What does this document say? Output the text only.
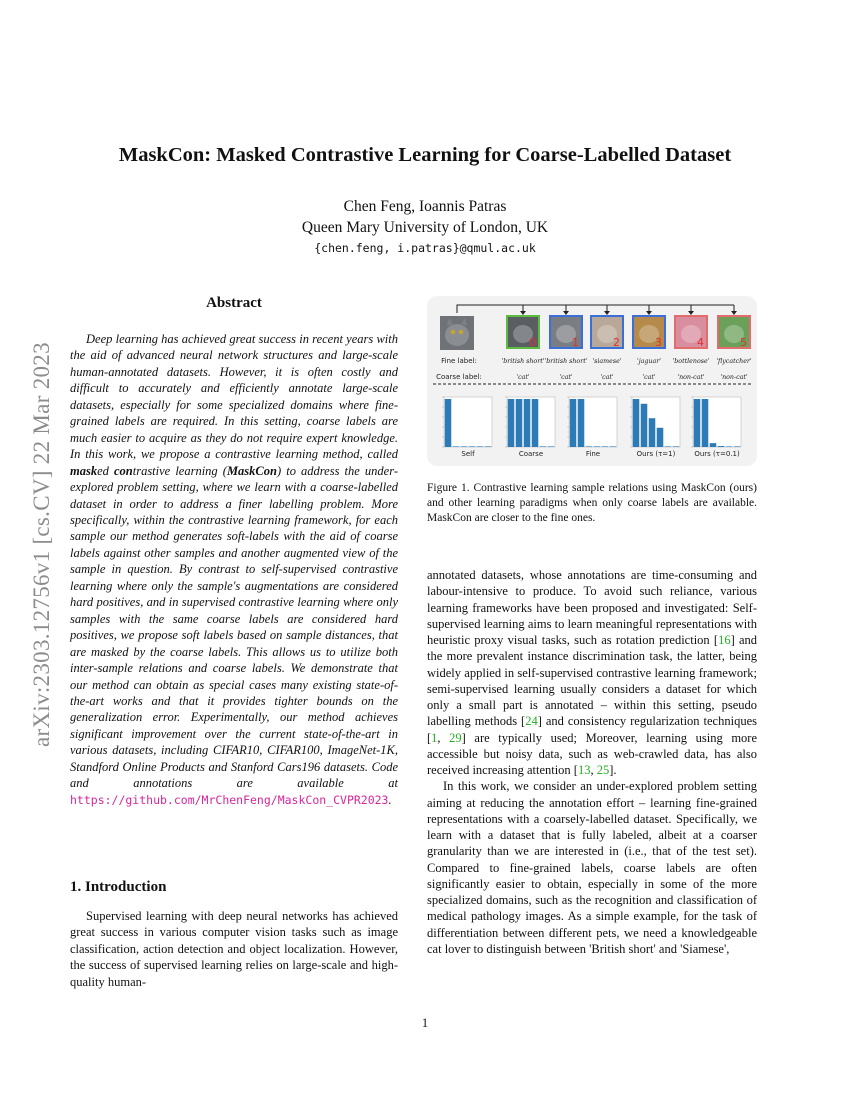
arXiv:2303.12756v1 [cs.CV] 22 Mar 2023
MaskCon: Masked Contrastive Learning for Coarse-Labelled Dataset
Chen Feng, Ioannis Patras
Queen Mary University of London, UK
{chen.feng, i.patras}@qmul.ac.uk
Abstract
Deep learning has achieved great success in recent years with the aid of advanced neural network structures and large-scale human-annotated datasets. However, it is often costly and difficult to accurately and efficiently annotate large-scale datasets, especially for some specialized domains where fine-grained labels are required. In this setting, coarse labels are much easier to acquire as they do not require expert knowledge. In this work, we propose a contrastive learning method, called masked contrastive learning (MaskCon) to address the under-explored problem setting, where we learn with a coarse-labelled dataset in order to address a finer labelling problem. More specifically, within the contrastive learning framework, for each sample our method generates soft-labels with the aid of coarse labels against other samples and another augmented view of the sample in question. By contrast to self-supervised contrastive learning where only the sample's augmentations are considered hard positives, and in supervised contrastive learning where only samples with the same coarse labels are considered hard positives, we propose soft labels based on sample distances, that are masked by the coarse labels. This allows us to utilize both inter-sample relations and coarse labels. We demonstrate that our method can obtain as special cases many existing state-of-the-art works and that it provides tighter bounds on the generalization error. Experimentally, our method achieves significant improvement over the current state-of-the-art in various datasets, including CIFAR10, CIFAR100, ImageNet-1K, Standford Online Products and Stanford Cars196 datasets. Code and annotations are available at https://github.com/MrChenFeng/MaskCon_CVPR2023.
1. Introduction
Supervised learning with deep neural networks has achieved great success in various computer vision tasks such as image classification, action detection and object localization. However, the success of supervised learning relies on large-scale and high-quality human-
0	1	2	3	4	5
Fine label:
Coarse label:
'british short'
'cat'
'british short'
'cat'
'siamese'
'cat'
'jaguar'
'cat'
'bottlenose'
'non-cat'
'flycatcher'
'non-cat'
Self	Coarse	Fine	Ours (τ=1)	Ours (τ=0.1)
Figure 1. Contrastive learning sample relations using MaskCon (ours) and other learning paradigms when only coarse labels are available. MaskCon are closer to the fine ones.

annotated datasets, whose annotations are time-consuming and labour-intensive to produce. To avoid such reliance, various learning frameworks have been proposed and investigated: Self-supervised learning aims to learn meaningful representations with heuristic proxy visual tasks, such as rotation prediction [16] and the more prevalent instance discrimination task, the latter, being widely applied in self-supervised contrastive learning framework; semi-supervised learning usually considers a dataset for which only a small part is annotated – within this setting, pseudo labelling methods [24] and consistency regularization techniques [1, 29] are typically used; Moreover, learning using more accessible but noisy data, such as web-crawled data, has also received increasing attention [13, 25].

In this work, we consider an under-explored problem setting aiming at reducing the annotation effort – learning fine-grained representations with a coarsely-labelled dataset. Specifically, we learn with a dataset that is fully labeled, albeit at a coarser granularity than we are interested in (i.e., that of the test set). Compared to fine-grained labels, coarse labels are often significantly easier to obtain, especially in some of the more specialized domains, such as the recognition and classification of medical pathology images. As a simple example, for the task of differentiation between different pets, we need a knowledgeable cat lover to distinguish between 'British short' and 'Siamese',

1
